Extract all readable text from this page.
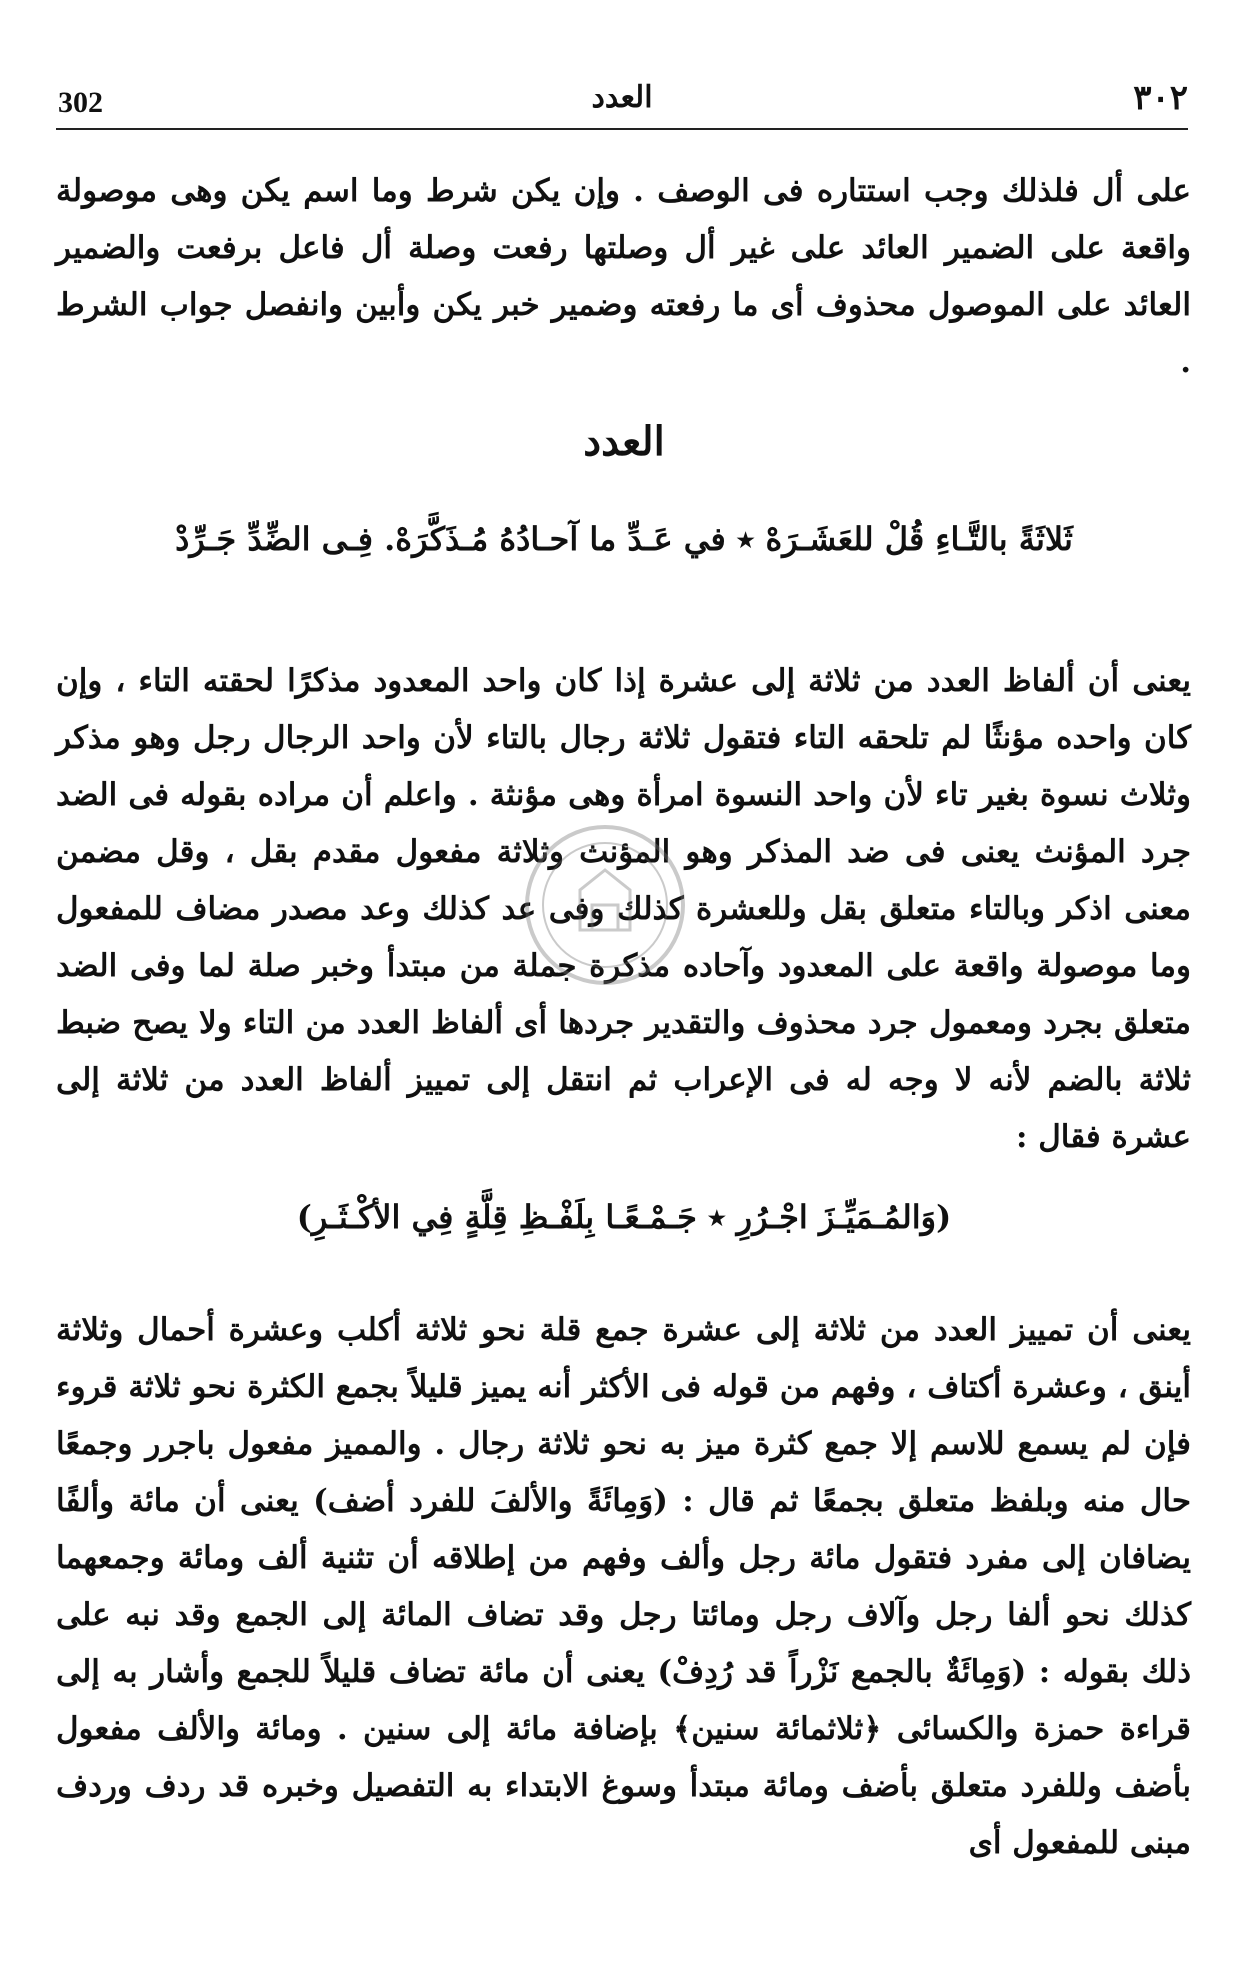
302	العدد	٣٠٢
على أل فلذلك وجب استتاره فى الوصف . وإن يكن شرط وما اسم يكن وهى موصولة واقعة على الضمير العائد على غير أل وصلتها رفعت وصلة أل فاعل برفعت والضمير العائد على الموصول محذوف أى ما رفعته وضمير خبر يكن وأبين وانفصل جواب الشرط .
العدد
ثَلاثَةً بالتَّـاءِ قُلْ للعَشَـرَهْ ٭ في عَـدِّ ما آحـادُهُ مُـذَكَّرَهْ. فِـى الضِّدِّ جَـرِّدْ
يعنى أن ألفاظ العدد من ثلاثة إلى عشرة إذا كان واحد المعدود مذكرًا لحقته التاء ، وإن كان واحده مؤنثًا لم تلحقه التاء فتقول ثلاثة رجال بالتاء لأن واحد الرجال رجل وهو مذكر وثلاث نسوة بغير تاء لأن واحد النسوة امرأة وهى مؤنثة . واعلم أن مراده بقوله فى الضد جرد المؤنث يعنى فى ضد المذكر وهو المؤنث وثلاثة مفعول مقدم بقل ، وقل مضمن معنى اذكر وبالتاء متعلق بقل وللعشرة كذلك وفى عد كذلك وعد مصدر مضاف للمفعول وما موصولة واقعة على المعدود وآحاده مذكرة جملة من مبتدأ وخبر صلة لما وفى الضد متعلق بجرد ومعمول جرد محذوف والتقدير جردها أى ألفاظ العدد من التاء ولا يصح ضبط ثلاثة بالضم لأنه لا وجه له فى الإعراب ثم انتقل إلى تمييز ألفاظ العدد من ثلاثة إلى عشرة فقال :
(وَالمُـمَيِّـزَ اجْـرُرِ ٭ جَـمْـعًـا بِلَفْـظِ قِلَّةٍ فِي الأكْـثَـرِ)
يعنى أن تمييز العدد من ثلاثة إلى عشرة جمع قلة نحو ثلاثة أكلب وعشرة أحمال وثلاثة أينق ، وعشرة أكتاف ، وفهم من قوله فى الأكثر أنه يميز قليلاً بجمع الكثرة نحو ثلاثة قروء فإن لم يسمع للاسم إلا جمع كثرة ميز به نحو ثلاثة رجال . والمميز مفعول باجرر وجمعًا حال منه وبلفظ متعلق بجمعًا ثم قال : (وَمِائَةً والألفَ للفرد أضف) يعنى أن مائة وألفًا يضافان إلى مفرد فتقول مائة رجل وألف وفهم من إطلاقه أن تثنية ألف ومائة وجمعهما كذلك نحو ألفا رجل وآلاف رجل ومائتا رجل وقد تضاف المائة إلى الجمع وقد نبه على ذلك بقوله : (وَمِائَةٌ بالجمع نَزْراً قد رُدِفْ) يعنى أن مائة تضاف قليلاً للجمع وأشار به إلى قراءة حمزة والكسائى ﴿ثلاثمائة سنين﴾ بإضافة مائة إلى سنين . ومائة والألف مفعول بأضف وللفرد متعلق بأضف ومائة مبتدأ وسوغ الابتداء به التفصيل وخبره قد ردف وردف مبنى للمفعول أى
